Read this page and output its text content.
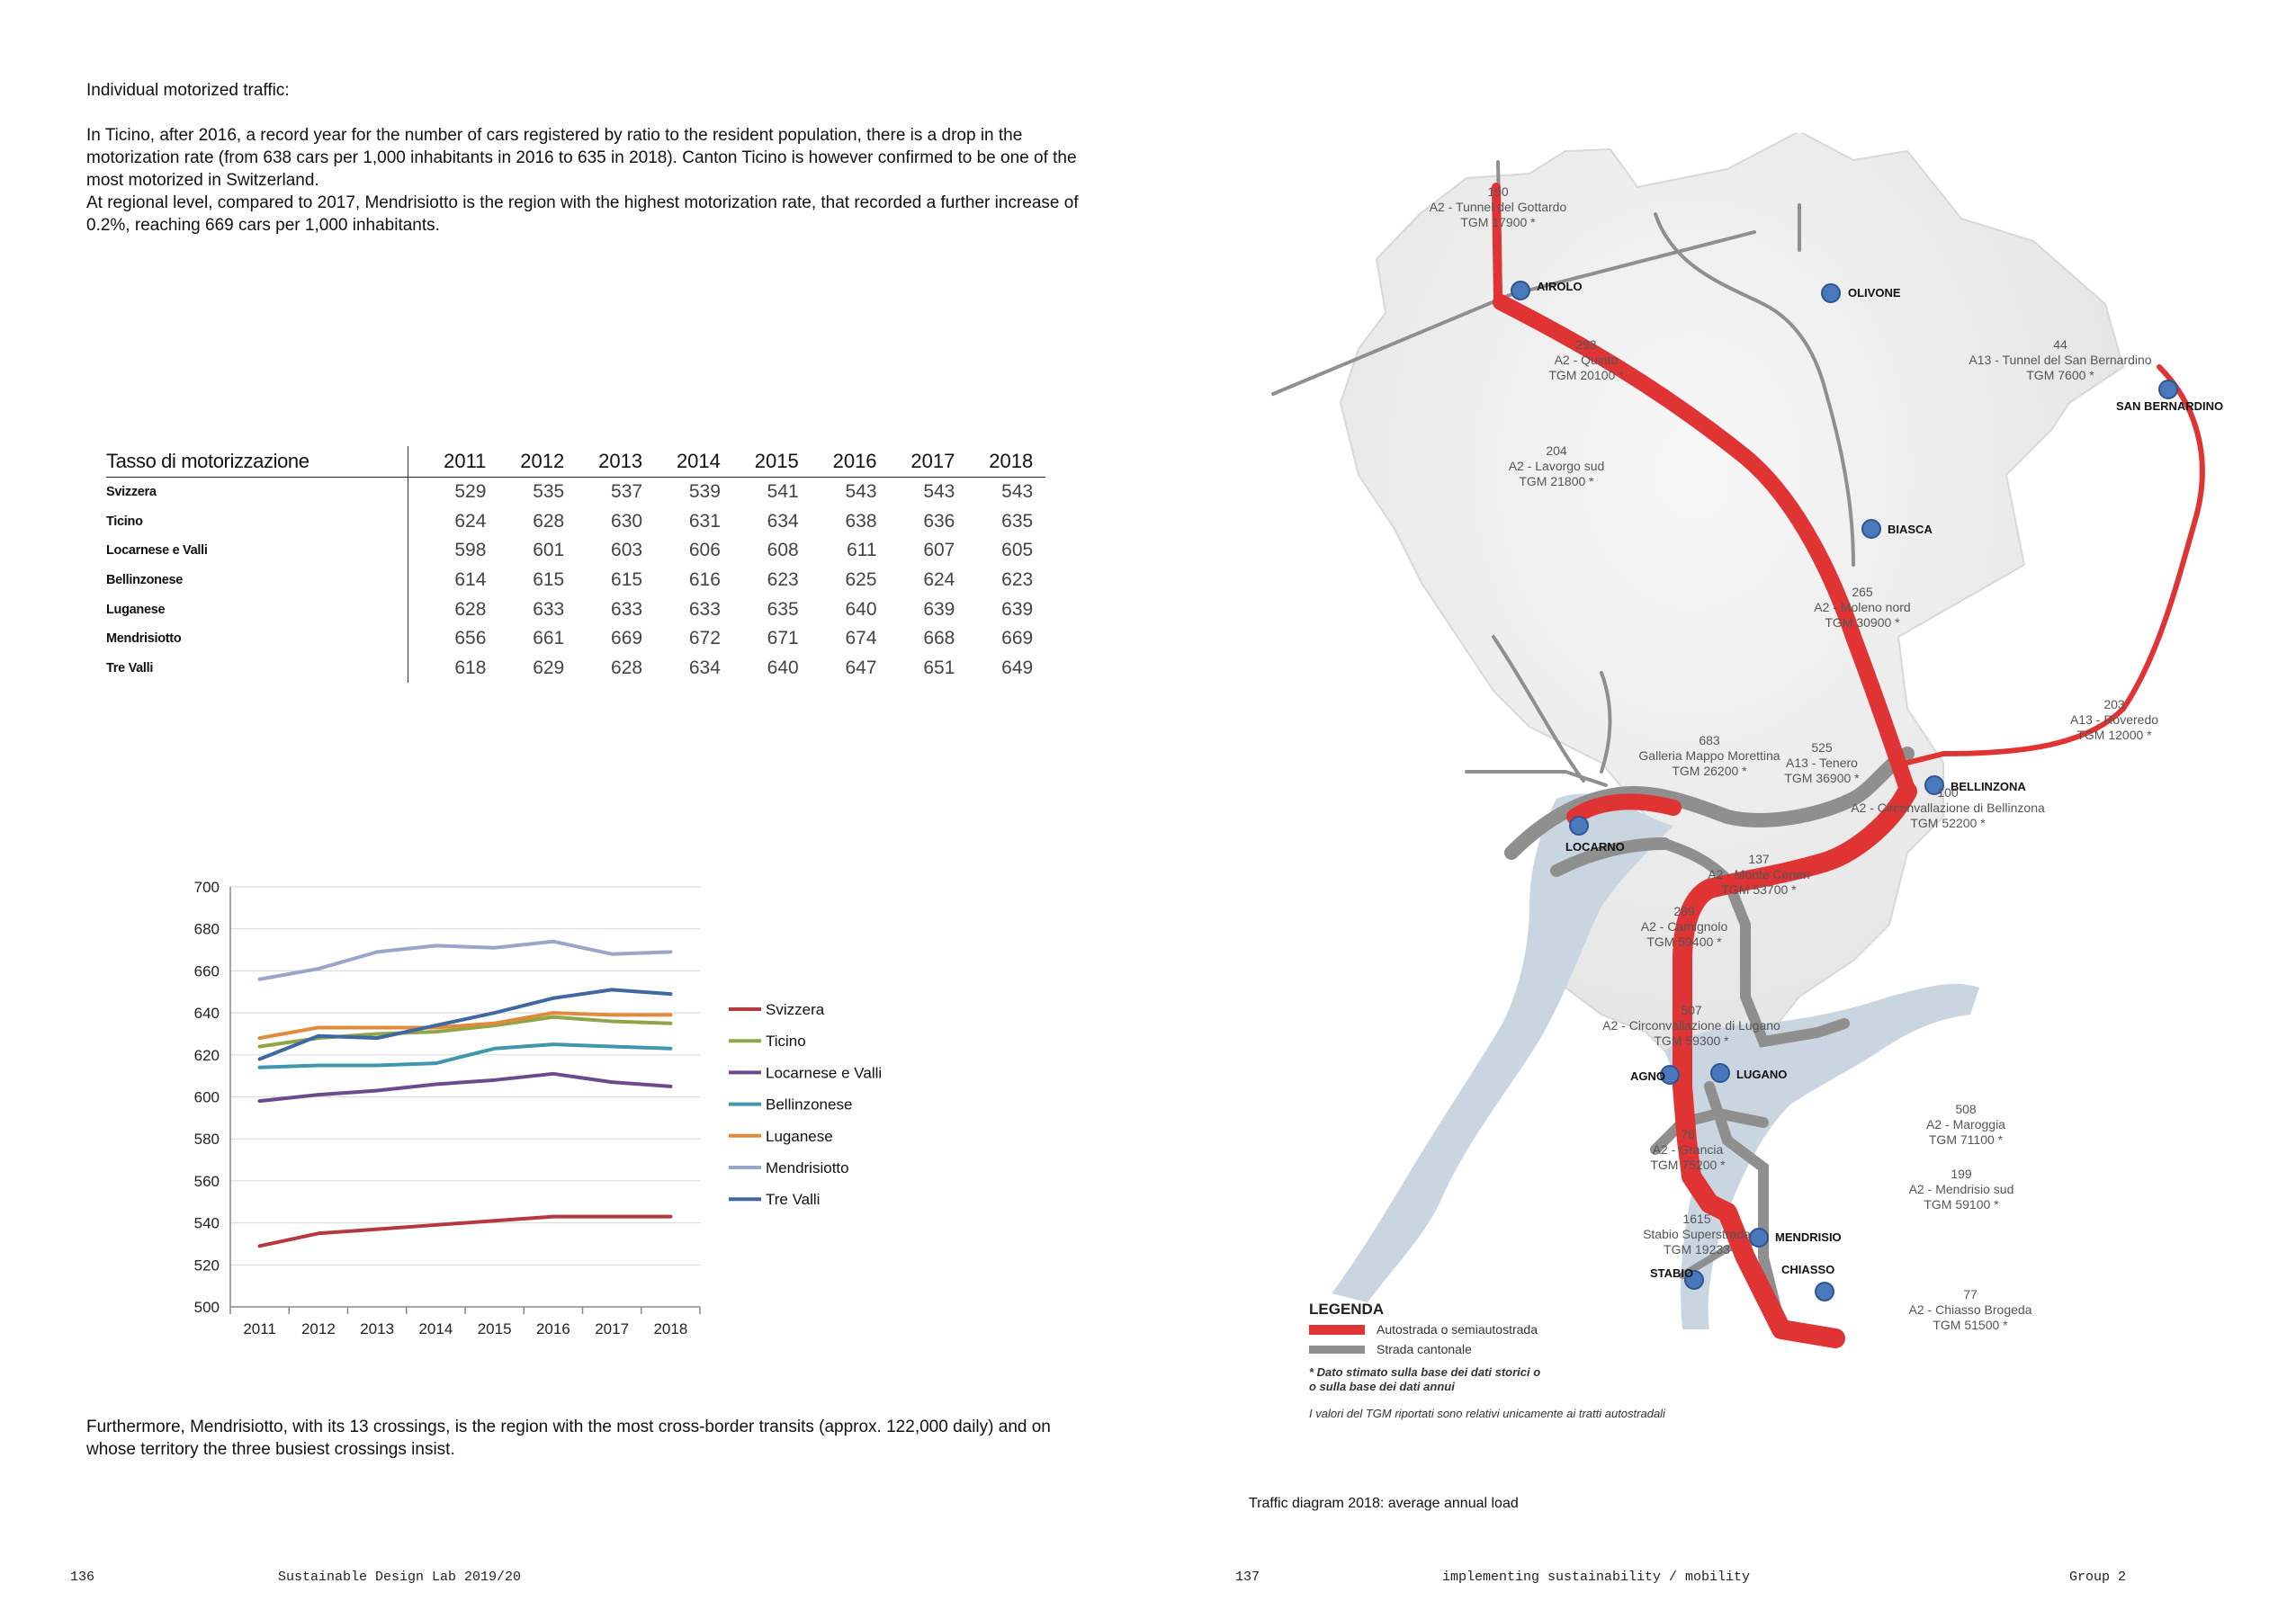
Individual motorized traffic:

In Ticino, after 2016, a record year for the number of cars registered by ratio to the resident population, there is a drop in the motorization rate (from 638 cars per 1,000 inhabitants in 2016 to 635 in 2018). Canton Ticino is however confirmed to be one of the most motorized in Switzerland.

At regional level, compared to 2017, Mendrisiotto is the region with the highest motorization rate, that recorded a further increase of 0.2%, reaching 669 cars per 1,000 inhabitants.

Tasso di motorizzazione	2011	2012	2013	2014	2015	2016	2017	2018	
Svizzera	529	535	537	539	541	543	543	543	
Ticino	624	628	630	631	634	638	636	635	
Locarnese e Valli	598	601	603	606	608	611	607	605	
Bellinzonese	614	615	615	616	623	625	624	623	
Luganese	628	633	633	633	635	640	639	639	
Mendrisiotto	656	661	669	672	671	674	668	669	
Tre Valli	618	629	628	634	640	647	651	649	
500
520
540
560
580
600
620
640
660
680
700
2011 2012 2013 2014 2015 2016 2017 2018
Svizzera
Ticino
Locarnese e Valli
Bellinzonese
Luganese
Mendrisiotto
Tre Valli
Furthermore, Mendrisiotto, with its 13 crossings, is the region with the most cross-border transits (approx. 122,000 daily) and on whose territory the three busiest crossings insist.
AIROLO	OLIVONE
SAN BERNARDINO
BIASCA
BELLINZONA
LOCARNO
AGNO	LUGANO
MENDRISIO
STABIO	CHIASSO
150
A2 - Tunnel del Gottardo
TGM 17900 *
293
A2 - Quinto
TGM 20100 *
44
A13 - Tunnel del San Bernardino
TGM 7600 *
204
A2 - Lavorgo sud
TGM 21800 *
265
A2 - Moleno nord
TGM 30900 *
203
A13 - Roveredo
TGM 12000 *
683
Galleria Mappo Morettina
TGM 26200 *
525
A13 - Tenero
TGM 36900 *
100
A2 - Circonvallazione di Bellinzona
TGM 52200 *
137
A2 - Monte Ceneri
TGM 53700 *
289
A2 - Camignolo
TGM 59400 *
507
A2 - Circonvallazione di Lugano
TGM 59300 *
508
A2 - Maroggia
TGM 71100 *
76
A2 - Grancia
TGM 75200 *
199
A2 - Mendrisio sud
TGM 59100 *
1615
Stabio Superstrada
TGM 19233
77
A2 - Chiasso Brogeda
TGM 51500 *
LEGENDA
Autostrada o semiautostrada
Strada cantonale
* Dato stimato sulla base dei dati storici o
o sulla base dei dati annui
I valori del TGM riportati sono relativi unicamente ai tratti autostradali
Traffic diagram 2018: average annual load
136	Sustainable Design Lab 2019/20	137	implementing sustainability / mobility	Group 2
